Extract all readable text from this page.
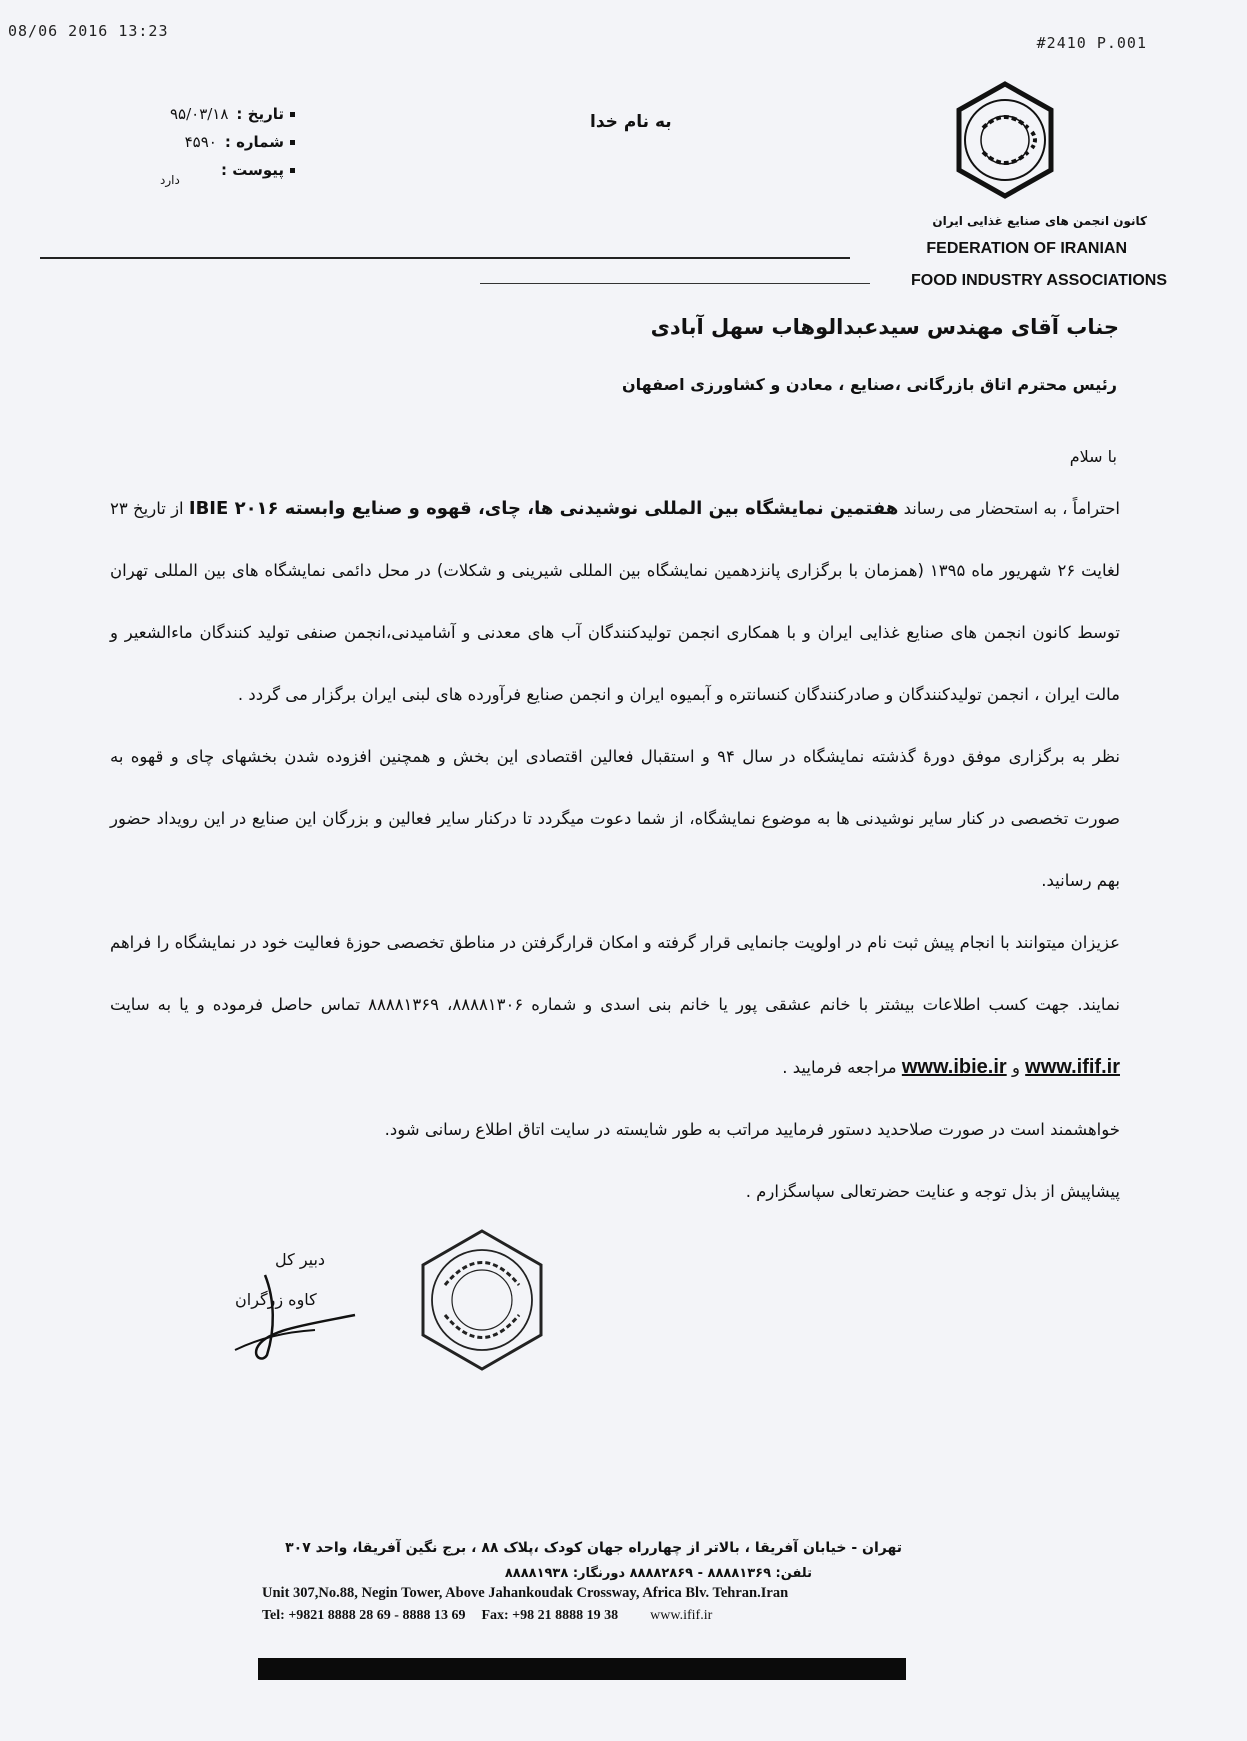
08/06 2016 13:23
#2410 P.001
تاریخ :۹۵/۰۳/۱۸
شماره :۴۵۹۰
پیوست :
دارد
به نام خدا
کانون انجمن های صنایع غذایی ایران
FEDERATION OF IRANIAN
FOOD INDUSTRY ASSOCIATIONS
جناب آقای مهندس سیدعبدالوهاب سهل آبادی
رئیس محترم اتاق بازرگانی ،صنایع ، معادن و کشاورزی اصفهان
با سلام

احتراماً ، به استحضار می رساند هفتمین نمایشگاه بین المللی نوشیدنی ها، چای، قهوه و صنایع وابسته IBIE ۲۰۱۶ از تاریخ ۲۳ لغایت ۲۶ شهریور ماه ۱۳۹۵ (همزمان با برگزاری پانزدهمین نمایشگاه بین المللی شیرینی و شکلات) در محل دائمی نمایشگاه های بین المللی تهران توسط کانون انجمن های صنایع غذایی ایران و با همکاری انجمن تولیدکنندگان آب های معدنی و آشامیدنی،انجمن صنفی تولید کنندگان ماءالشعیر و مالت ایران ، انجمن تولیدکنندگان و صادرکنندگان کنسانتره و آبمیوه ایران و انجمن صنایع فرآورده های لبنی ایران برگزار می گردد .

نظر به برگزاری موفق دورهٔ گذشته نمایشگاه در سال ۹۴ و استقبال فعالین اقتصادی این بخش و همچنین افزوده شدن بخشهای چای و قهوه به صورت تخصصی در کنار سایر نوشیدنی ها به موضوع نمایشگاه، از شما دعوت میگردد تا درکنار سایر فعالین و بزرگان این صنایع در این رویداد حضور بهم رسانید.

عزیزان میتوانند با انجام پیش ثبت نام در اولویت جانمایی قرار گرفته و امکان قرارگرفتن در مناطق تخصصی حوزهٔ فعالیت خود در نمایشگاه را فراهم نمایند. جهت کسب اطلاعات بیشتر با خانم عشقی پور یا خانم بنی اسدی و شماره ۸۸۸۸۱۳۰۶، ۸۸۸۸۱۳۶۹ تماس حاصل فرموده و یا به سایت www.ifif.ir و www.ibie.ir مراجعه فرمایید .

خواهشمند است در صورت صلاحدید دستور فرمایید مراتب به طور شایسته در سایت اتاق اطلاع رسانی شود.

پیشاپیش از بذل توجه و عنایت حضرتعالی سپاسگزارم .

دبیر کل
کاوه زرگران
تهران - خیابان آفریقا ، بالاتر از چهارراه جهان کودک ،پلاک ۸۸ ، برج نگین آفریقا، واحد ۳۰۷
تلفن: ۸۸۸۸۱۳۶۹ - ۸۸۸۸۲۸۶۹ دورنگار: ۸۸۸۸۱۹۳۸
Unit 307,No.88, Negin Tower, Above Jahankoudak Crossway, Africa Blv. Tehran.Iran
Tel: +9821 8888 28 69 - 8888 13 69 Fax: +98 21 8888 19 38 www.ifif.ir
